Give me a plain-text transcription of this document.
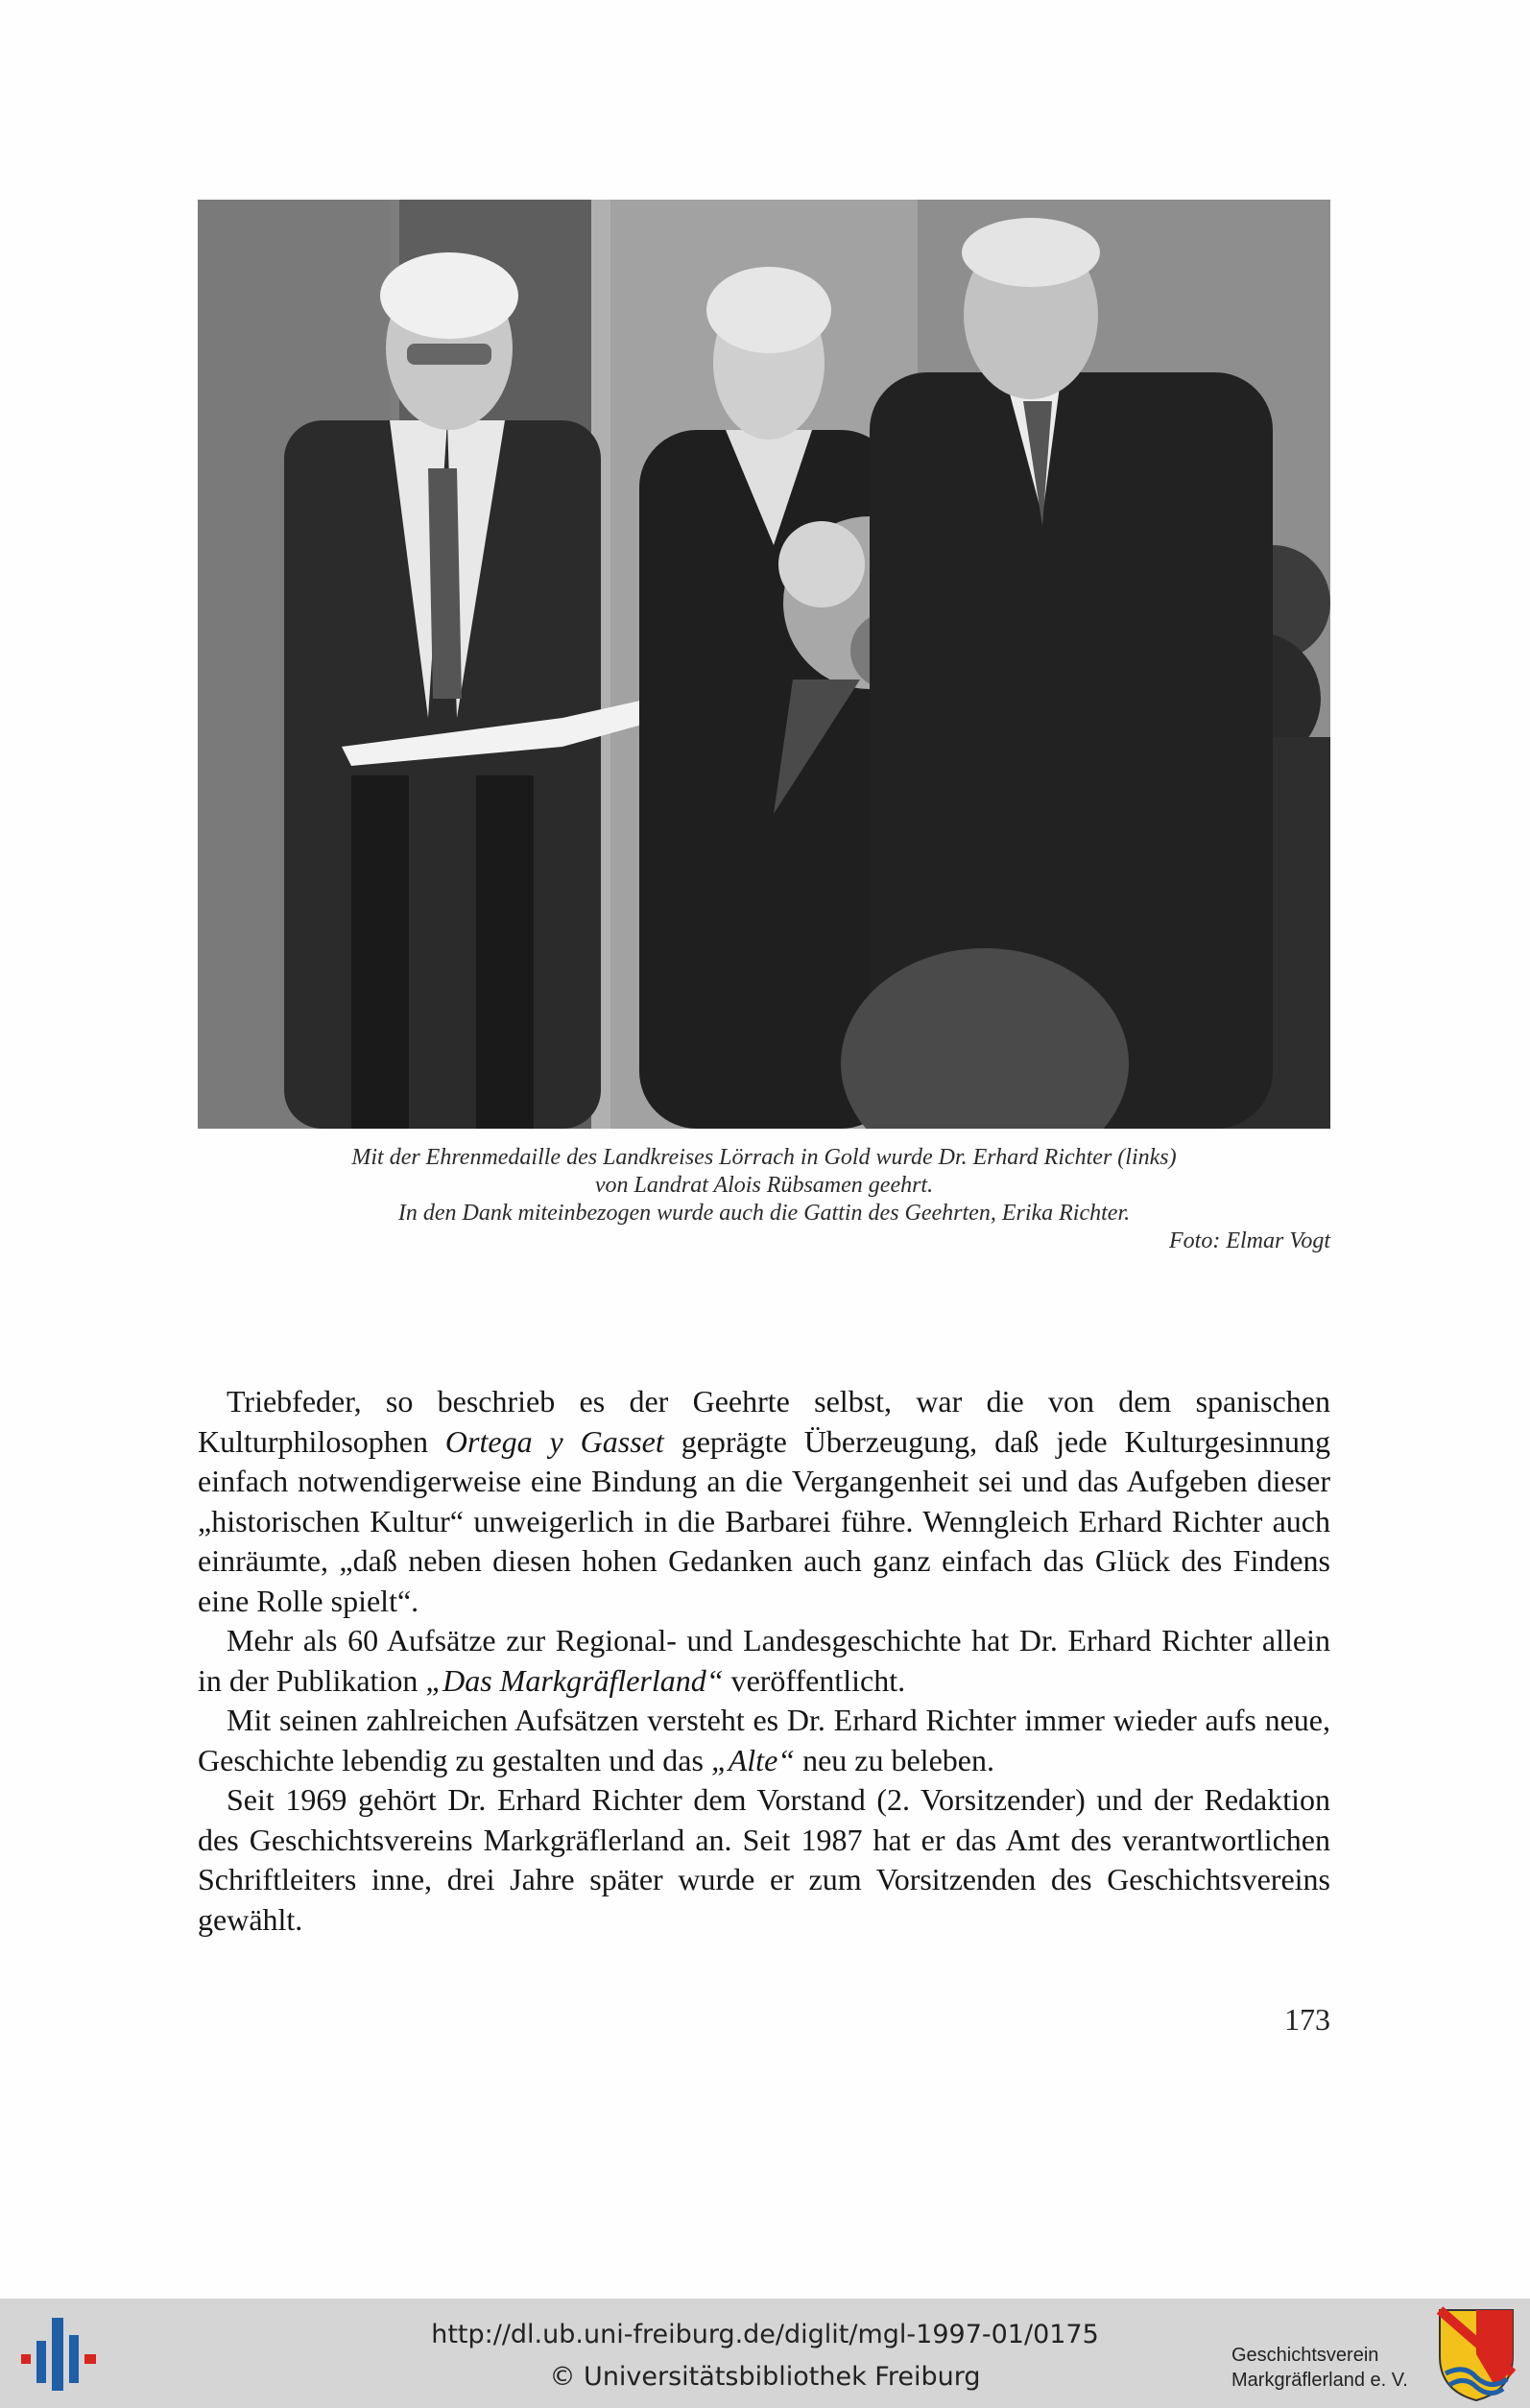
Mit der Ehrenmedaille des Landkreises Lörrach in Gold wurde Dr. Erhard Richter (links)
von Landrat Alois Rübsamen geehrt.
In den Dank miteinbezogen wurde auch die Gattin des Geehrten, Erika Richter.
Foto: Elmar Vogt

Triebfeder, so beschrieb es der Geehrte selbst, war die von dem spanischen Kulturphilosophen Ortega y Gasset geprägte Überzeugung, daß jede Kulturgesinnung einfach notwendigerweise eine Bindung an die Vergangenheit sei und das Aufgeben dieser „historischen Kultur“ unweigerlich in die Barbarei führe. Wenngleich Erhard Richter auch einräumte, „daß neben diesen hohen Gedanken auch ganz einfach das Glück des Findens eine Rolle spielt“.

Mehr als 60 Aufsätze zur Regional- und Landesgeschichte hat Dr. Erhard Richter allein in der Publikation „Das Markgräflerland“ veröffentlicht.

Mit seinen zahlreichen Aufsätzen versteht es Dr. Erhard Richter immer wieder aufs neue, Geschichte lebendig zu gestalten und das „Alte“ neu zu beleben.

Seit 1969 gehört Dr. Erhard Richter dem Vorstand (2. Vorsitzender) und der Redaktion des Geschichtsvereins Markgräflerland an. Seit 1987 hat er das Amt des verantwortlichen Schriftleiters inne, drei Jahre später wurde er zum Vorsitzenden des Geschichtsvereins gewählt.

173
http://dl.ub.uni-freiburg.de/diglit/mgl-1997-01/0175
© Universitätsbibliothek Freiburg
Geschichtsverein
Markgräflerland e. V.
